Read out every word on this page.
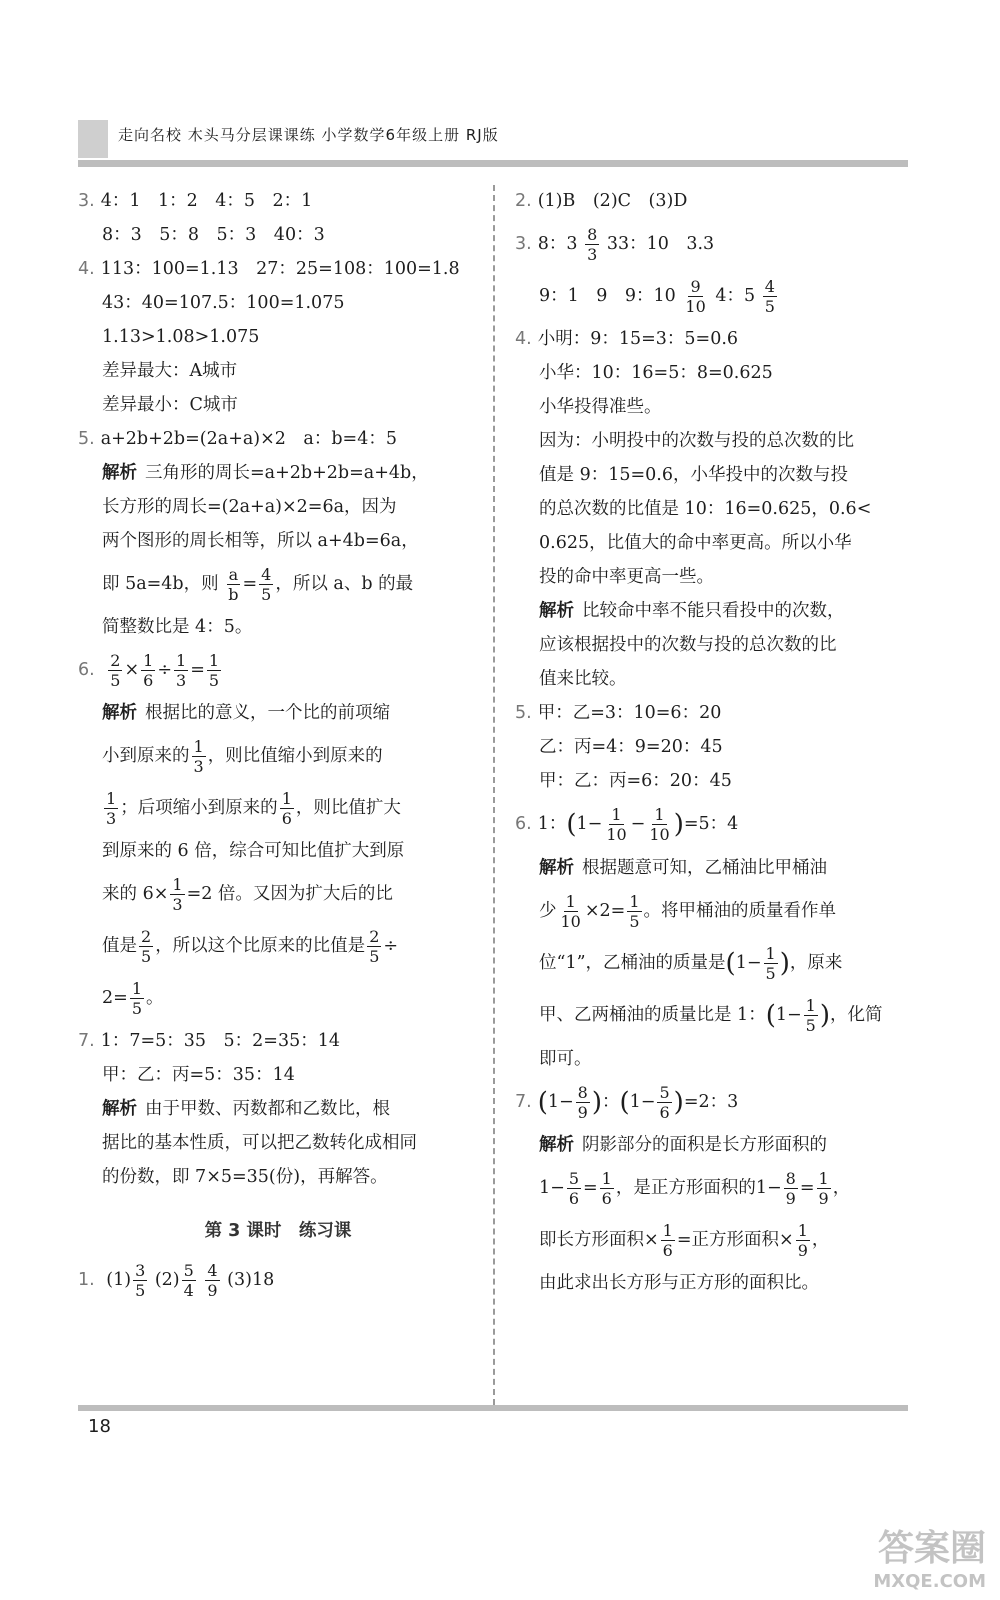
走向名校 木头马分层课课练 小学数学6年级上册 RJ版
3. 4：1　1：2　4：5　2：1
8：3　5：8　5：3　40：3
4. 113：100=1.13　27：25=108：100=1.8
43：40=107.5：100=1.075
1.13>1.08>1.075
差异最大：A城市
差异最小：C城市
5. a+2b+2b=(2a+a)×2　a：b=4：5
解析 三角形的周长=a+2b+2b=a+4b，
长方形的周长=(2a+a)×2=6a，因为
两个图形的周长相等，所以 a+4b=6a，
即 5a=4b，则 $\frac{a}{b} = \frac{4}{5}$ ，所以 a、b 的最
简整数比是 4：5。
6. $\frac{2}{5} \times \frac{1}{6} \div \frac{1}{3} = \frac{1}{5}$
解析 根据比的意义，一个比的前项缩
小到原来的 $\frac{1}{3}$ ，则比值缩小到原来的
$\frac{1}{3}$ ；后项缩小到原来的 $\frac{1}{6}$ ，则比值扩大
到原来的 6 倍，综合可知比值扩大到原
来的 $6\times \frac{1}{3} =2$ 倍。又因为扩大后的比
值是 $\frac{2}{5}$ ，所以这个比原来的比值是 $\frac{2}{5}$ ÷
$2= \frac{1}{5}$ 。
7. 1：7=5：35　5：2=35：14
甲：乙：丙=5：35：14
解析 由于甲数、丙数都和乙数比，根
据比的基本性质，可以把乙数转化成相同
的份数，即 7×5=35(份)，再解答。
第 3 课时　练习课
1. $(1) \frac{3}{5} (2) \frac{5}{4}$
$\frac{4}{9} (3)18$
2. (1)B　(2)C　(3)D
3. 8：$3 \frac{8}{3} 33$：10　3.3
9：1　9　9：$10 \frac{9}{10} 4$：$5 \frac{4}{5}$
4. 小明：9：15=3：5=0.6
小华：10：16=5：8=0.625
小华投得准些。
因为：小明投中的次数与投的总次数的比
值是 9：15=0.6，小华投中的次数与投
的总次数的比值是 10：16=0.625，0.6<
0.625，比值大的命中率更高。所以小华
投的命中率更高一些。
解析 比较命中率不能只看投中的次数，
应该根据投中的次数与投的总次数的比
值来比较。
5. 甲：乙=3：10=6：20
乙：丙=4：9=20：45
甲：乙：丙=6：20：45
6. 1：$(1- \frac{1}{10} - \frac{1}{10} )=5$：4
解析 根据题意可知，乙桶油比甲桶油
少 $\frac{1}{10} \times 2= \frac{1}{5}$ 。将甲桶油的质量看作单
位“1”，乙桶油的质量是($1- \frac{1}{5}$ )，原来
甲、乙两桶油的质量比是 1：($1- \frac{1}{5}$ )，化简
即可。
7. ($1- \frac{8}{9}$ )：$(1- \frac{5}{6} )=2$：3
解析 阴影部分的面积是长方形面积的
$1- \frac{5}{6} = \frac{1}{6}$ ，是正方形面积的$1- \frac{8}{9} = \frac{1}{9}$ ，
即长方形面积× $\frac{1}{6}$ =正方形面积× $\frac{1}{9}$ ，
由此求出长方形与正方形的面积比。
18
答案圈
MXQE.COM
